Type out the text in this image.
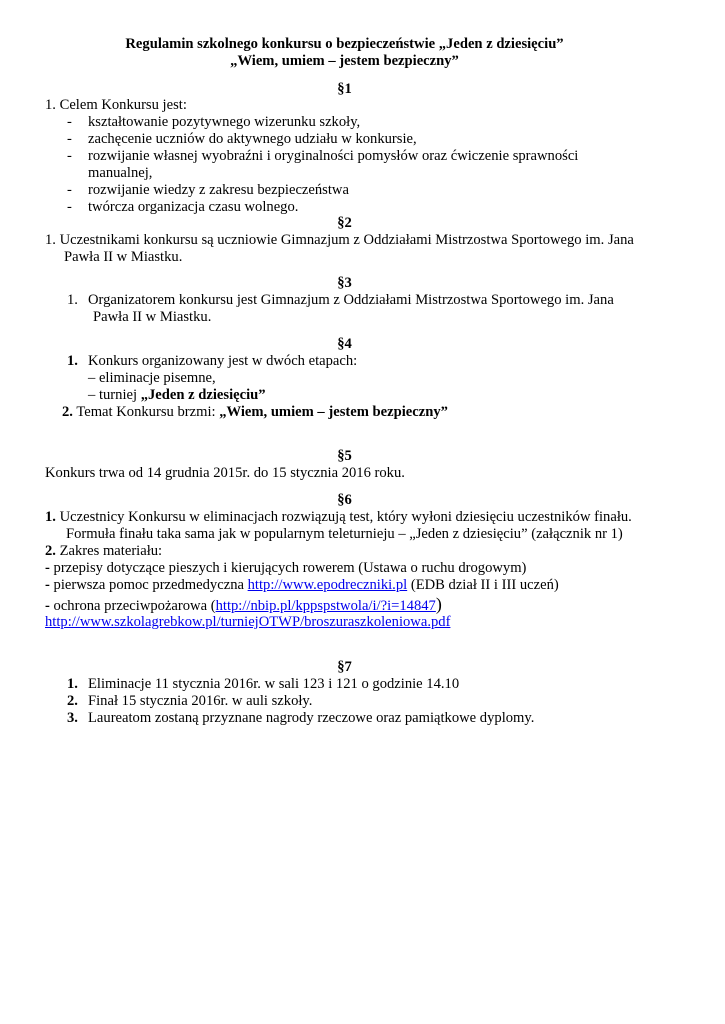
Regulamin szkolnego konkursu o bezpieczeństwie „Jeden z dziesięciu”
„Wiem, umiem – jestem bezpieczny”
§1
1. Celem Konkursu jest:
- kształtowanie pozytywnego wizerunku szkoły,
- zachęcenie uczniów do aktywnego udziału w konkursie,
- rozwijanie własnej wyobraźni i oryginalności pomysłów oraz ćwiczenie sprawności
manualnej,
- rozwijanie wiedzy z zakresu bezpieczeństwa
- twórcza organizacja czasu wolnego.
§2
1. Uczestnikami konkursu są uczniowie Gimnazjum z Oddziałami Mistrzostwa Sportowego im. Jana
Pawła II w Miastku.
§3
1. Organizatorem konkursu jest Gimnazjum z Oddziałami Mistrzostwa Sportowego im. Jana
Pawła II w Miastku.
§4
1. Konkurs organizowany jest w dwóch etapach:
– eliminacje pisemne,
– turniej „Jeden z dziesięciu”
2. Temat Konkursu brzmi: „Wiem, umiem – jestem bezpieczny”
§5
Konkurs trwa od 14 grudnia 2015r. do 15 stycznia 2016 roku.
§6
1. Uczestnicy Konkursu w eliminacjach rozwiązują test, który wyłoni dziesięciu uczestników finału.
Formuła finału taka sama jak w popularnym teleturnieju – „Jeden z dziesięciu” (załącznik nr 1)
2. Zakres materiału:
- przepisy dotyczące pieszych i kierujących rowerem (Ustawa o ruchu drogowym)
- pierwsza pomoc przedmedyczna http://www.epodreczniki.pl (EDB dział II i III uczeń)
- ochrona przeciwpożarowa (http://nbip.pl/kppspstwola/i/?i=14847)
http://www.szkolagrebkow.pl/turniejOTWP/broszuraszkoleniowa.pdf
§7
1. Eliminacje 11 stycznia 2016r. w sali 123 i 121 o godzinie 14.10
2. Finał 15 stycznia 2016r. w auli szkoły.
3. Laureatom zostaną przyznane nagrody rzeczowe oraz pamiątkowe dyplomy.
